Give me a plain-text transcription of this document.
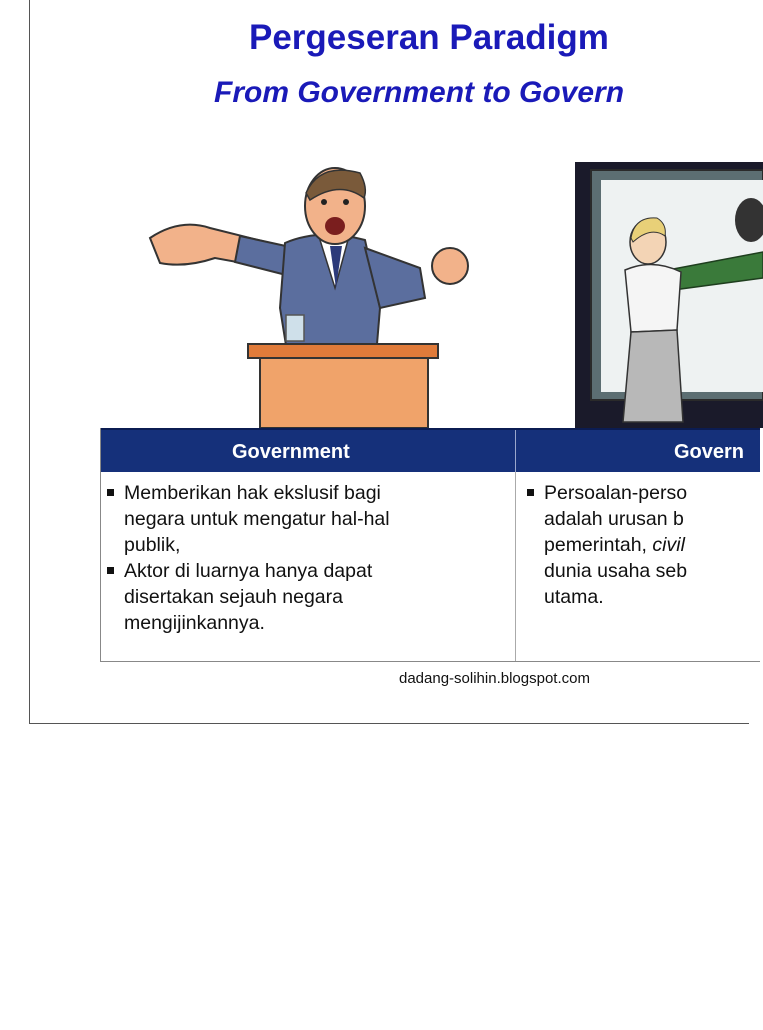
Pergeseran Paradigm
From Government to Govern
Government	Govern
Memberikan hak ekslusif bagi
negara untuk mengatur hal-hal
publik,
Aktor di luarnya hanya dapat
disertakan sejauh negara
mengijinkannya.
Persoalan-perso
adalah urusan b
pemerintah, civil
dunia usaha seb
utama.
dadang-solihin.blogspot.com
